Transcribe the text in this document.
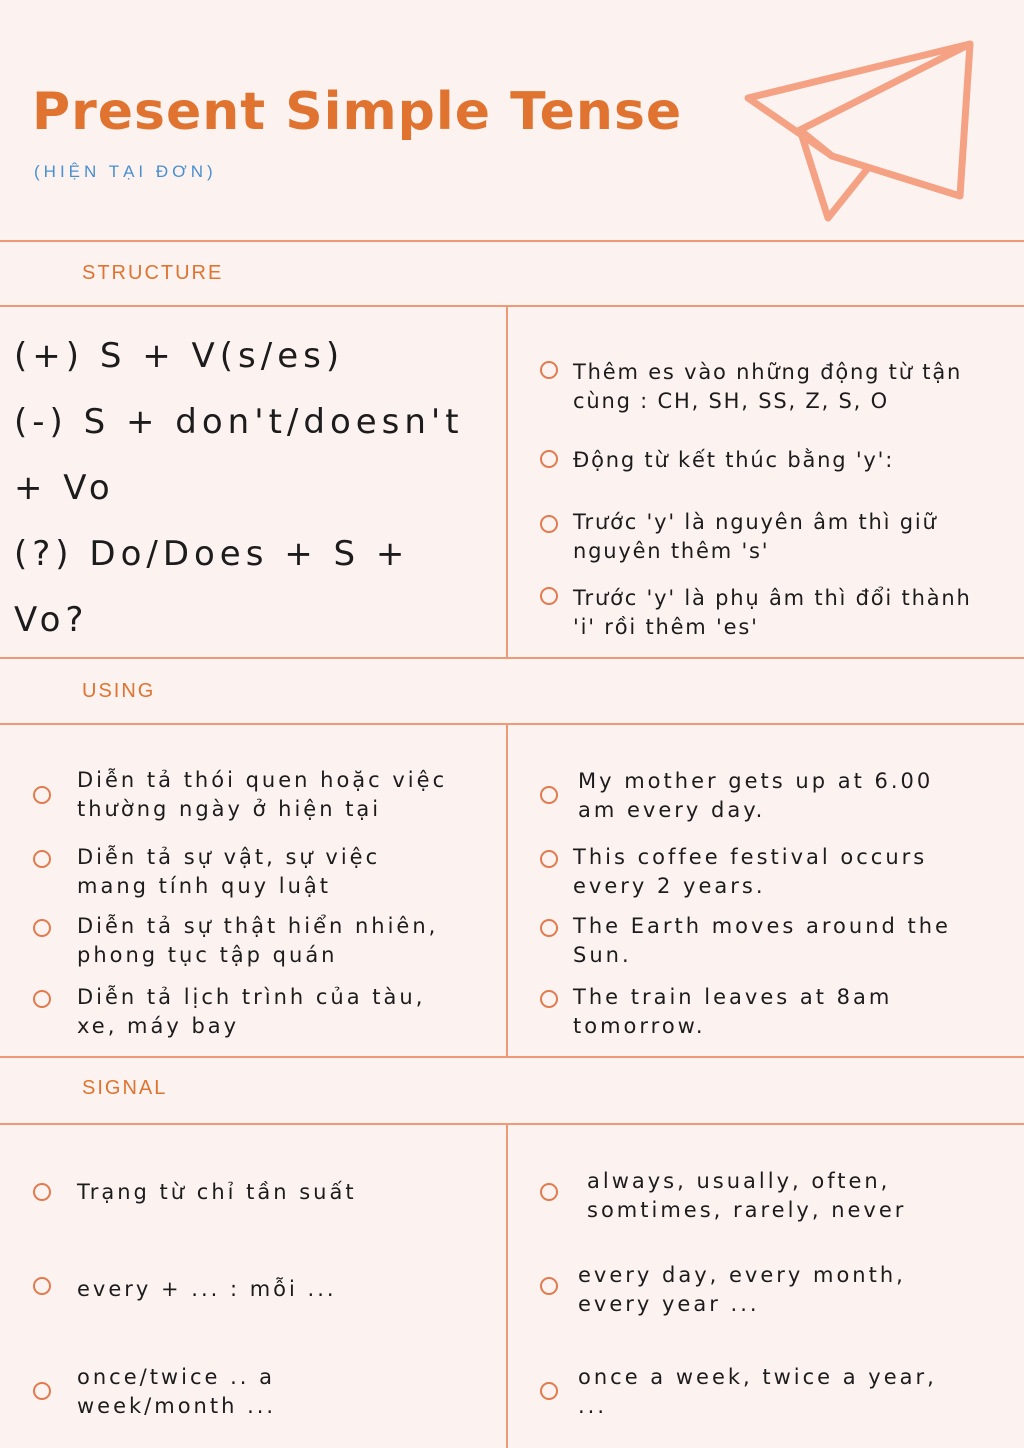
Present Simple Tense
(HIỆN TẠI ĐƠN)
STRUCTURE
(+) S + V(s/es)
(-) S + don't/doesn't
+ Vo
(?) Do/Does + S +
Vo?
Thêm es vào những động từ tận
cùng : CH, SH, SS, Z, S, O
Động từ kết thúc bằng 'y':
Trước 'y' là nguyên âm thì giữ
nguyên thêm 's'
Trước 'y' là phụ âm thì đổi thành
'i' rồi thêm 'es'
USING
Diễn tả thói quen hoặc việc
thường ngày ở hiện tại
Diễn tả sự vật, sự việc
mang tính quy luật
Diễn tả sự thật hiển nhiên,
phong tục tập quán
Diễn tả lịch trình của tàu,
xe, máy bay
My mother gets up at 6.00
am every day.
This coffee festival occurs
every 2 years.
The Earth moves around the
Sun.
The train leaves at 8am
tomorrow.
SIGNAL
Trạng từ chỉ tần suất
every + ... : mỗi ...
once/twice .. a
week/month ...
always, usually, often,
somtimes, rarely, never
every day, every month,
every year ...
once a week, twice a year,
...
